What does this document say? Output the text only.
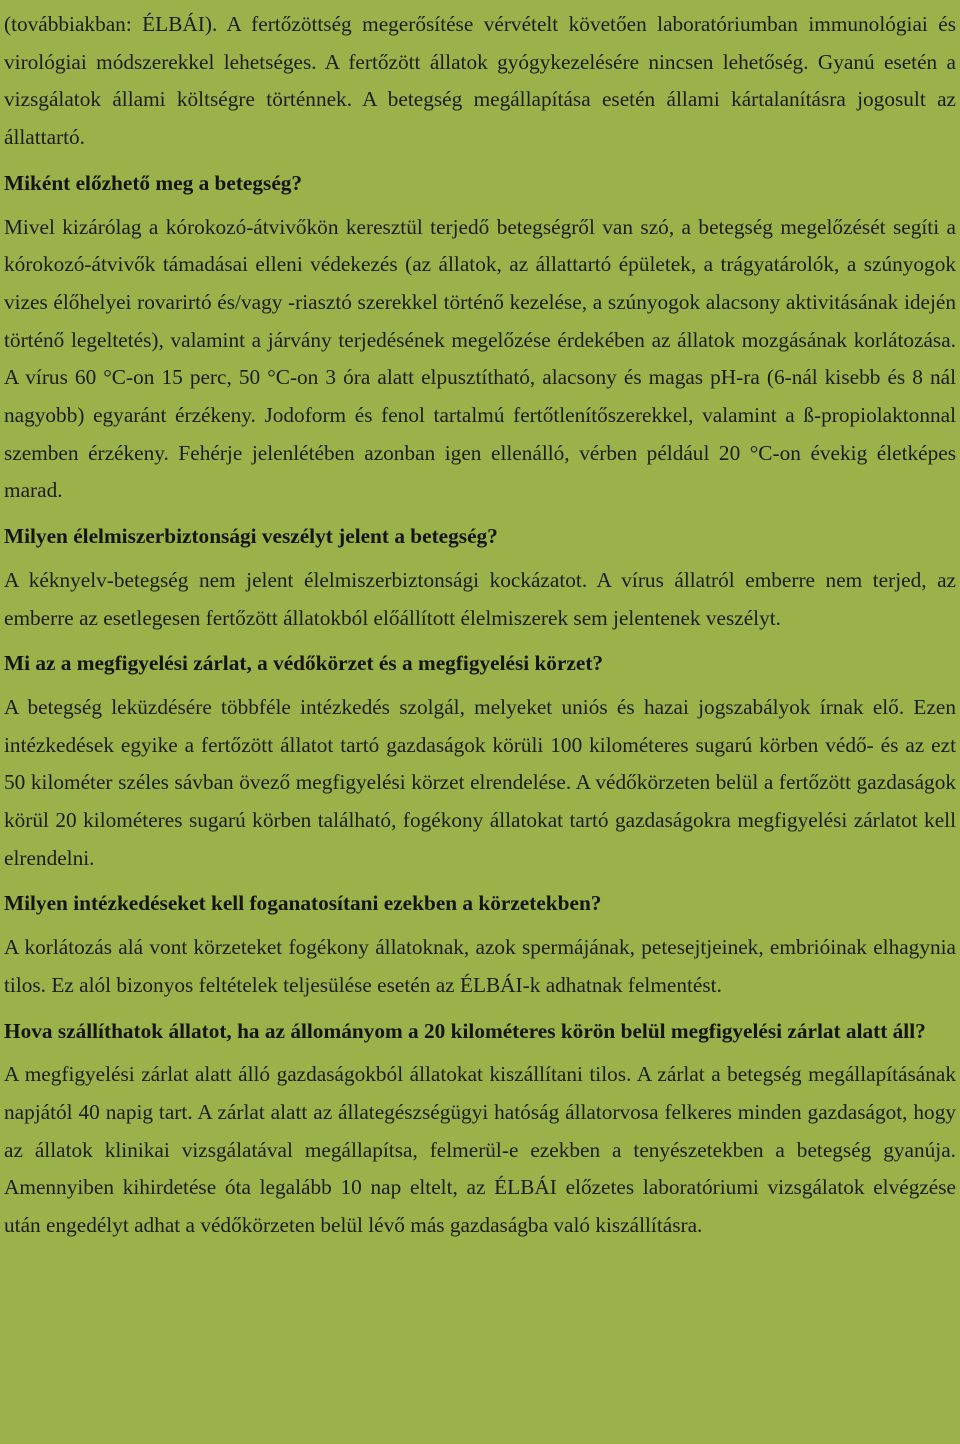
(továbbiakban: ÉLBÁI). A fertőzöttség megerősítése vérvételt követően laboratóriumban immunológiai és virológiai módszerekkel lehetséges. A fertőzött állatok gyógykezelésére nincsen lehetőség. Gyanú esetén a vizsgálatok állami költségre történnek. A betegség megállapítása esetén állami kártalanításra jogosult az állattartó.

Miként előzhető meg a betegség?

Mivel kizárólag a kórokozó-átvivőkön keresztül terjedő betegségről van szó, a betegség megelőzését segíti a kórokozó-átvivők támadásai elleni védekezés (az állatok, az állattartó épületek, a trágyatárolók, a szúnyogok vizes élőhelyei rovarirtó és/vagy -riasztó szerekkel történő kezelése, a szúnyogok alacsony aktivitásának idején történő legeltetés), valamint a járvány terjedésének megelőzése érdekében az állatok mozgásának korlátozása. A vírus 60 °C-on 15 perc, 50 °C-on 3 óra alatt elpusztítható, alacsony és magas pH-ra (6-nál kisebb és 8 nál nagyobb) egyaránt érzékeny. Jodoform és fenol tartalmú fertőtlenítőszerekkel, valamint a ß-propiolaktonnal szemben érzékeny. Fehérje jelenlétében azonban igen ellenálló, vérben például 20 °C-on évekig életképes marad.

Milyen élelmiszerbiztonsági veszélyt jelent a betegség?

A kéknyelv-betegség nem jelent élelmiszerbiztonsági kockázatot. A vírus állatról emberre nem terjed, az emberre az esetlegesen fertőzött állatokból előállított élelmiszerek sem jelentenek veszélyt.

Mi az a megfigyelési zárlat, a védőkörzet és a megfigyelési körzet?

A betegség leküzdésére többféle intézkedés szolgál, melyeket uniós és hazai jogszabályok írnak elő. Ezen intézkedések egyike a fertőzött állatot tartó gazdaságok körüli 100 kilométeres sugarú körben védő- és az ezt 50 kilométer széles sávban övező megfigyelési körzet elrendelése. A védőkörzeten belül a fertőzött gazdaságok körül 20 kilométeres sugarú körben található, fogékony állatokat tartó gazdaságokra megfigyelési zárlatot kell elrendelni.

Milyen intézkedéseket kell foganatosítani ezekben a körzetekben?

A korlátozás alá vont körzeteket fogékony állatoknak, azok spermájának, petesejtjeinek, embrióinak elhagynia tilos. Ez alól bizonyos feltételek teljesülése esetén az ÉLBÁI-k adhatnak felmentést.

Hova szállíthatok állatot, ha az állományom a 20 kilométeres körön belül megfigyelési zárlat alatt áll?

A megfigyelési zárlat alatt álló gazdaságokból állatokat kiszállítani tilos. A zárlat a betegség megállapításának napjától 40 napig tart. A zárlat alatt az állategészségügyi hatóság állatorvosa felkeres minden gazdaságot, hogy az állatok klinikai vizsgálatával megállapítsa, felmerül-e ezekben a tenyészetekben a betegség gyanúja. Amennyiben kihirdetése óta legalább 10 nap eltelt, az ÉLBÁI előzetes laboratóriumi vizsgálatok elvégzése után engedélyt adhat a védőkörzeten belül lévő más gazdaságba való kiszállításra.
